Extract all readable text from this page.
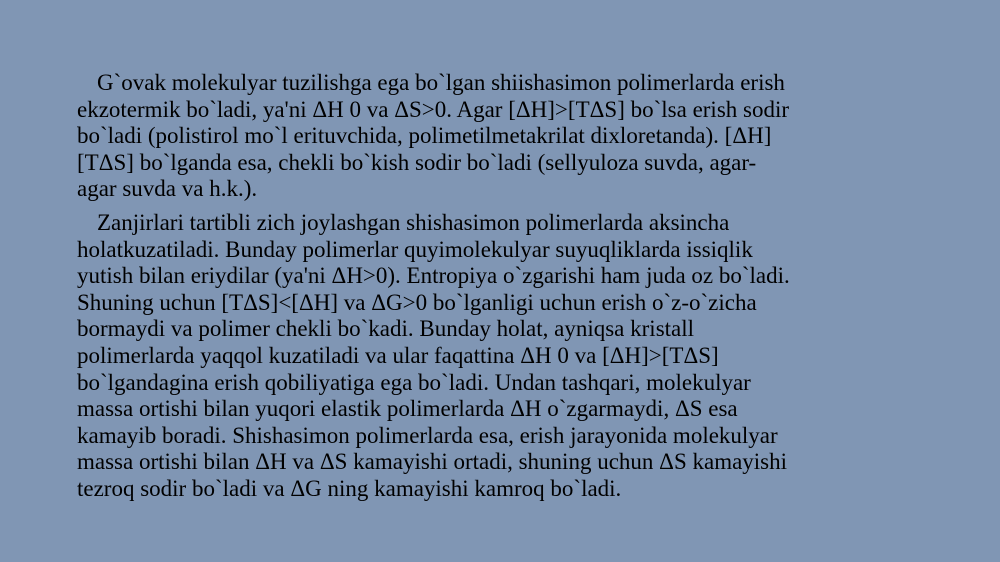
G`ovak molekulyar tuzilishga ega bo`lgan shiishasimon polimerlarda erish
ekzotermik bo`ladi, ya'ni ΔH 0 va ΔS>0. Agar [ΔH]>[TΔS] bo`lsa erish sodir
bo`ladi (polistirol mo`l erituvchida, polimetilmetakrilat dixloretanda). [ΔH]
[TΔS] bo`lganda esa, chekli bo`kish sodir bo`ladi (sellyuloza suvda, agar-
agar suvda va h.k.).

Zanjirlari tartibli zich joylashgan shishasimon polimerlarda aksincha
holatkuzatiladi. Bunday polimerlar quyimolekulyar suyuqliklarda issiqlik
yutish bilan eriydilar (ya'ni ΔH>0). Entropiya o`zgarishi ham juda oz bo`ladi.
Shuning uchun [TΔS]<[ΔH] va ΔG>0 bo`lganligi uchun erish o`z-o`zicha
bormaydi va polimer chekli bo`kadi. Bunday holat, ayniqsa kristall
polimerlarda yaqqol kuzatiladi va ular faqattina ΔH 0 va [ΔH]>[TΔS]
bo`lgandagina erish qobiliyatiga ega bo`ladi. Undan tashqari, molekulyar
massa ortishi bilan yuqori elastik polimerlarda ΔH o`zgarmaydi, ΔS esa
kamayib boradi. Shishasimon polimerlarda esa, erish jarayonida molekulyar
massa ortishi bilan ΔH va ΔS kamayishi ortadi, shuning uchun ΔS kamayishi
tezroq sodir bo`ladi va ΔG ning kamayishi kamroq bo`ladi.
